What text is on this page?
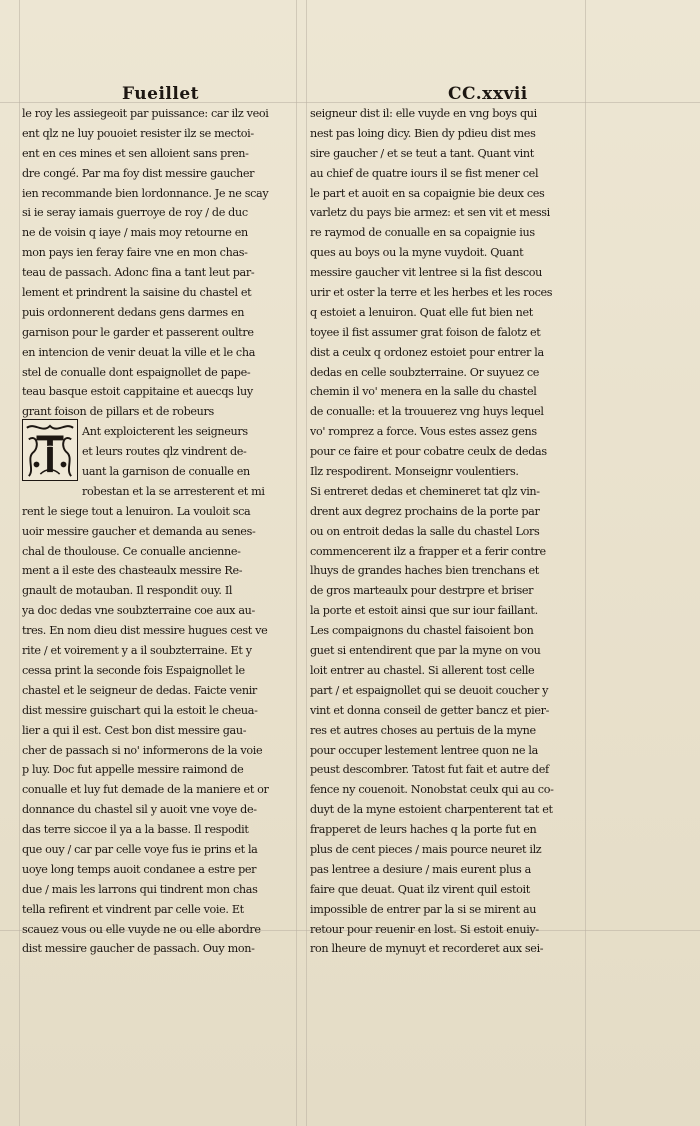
Fueillet	CC.xxvii
le roy les assiegeoit par puissance: car ilz veoi
ent qlz ne luy pouoiet resister ilz se mectoi-
ent en ces mines et sen alloient sans pren-
dre congé. Par ma foy dist messire gaucher
ien recommande bien lordonnance. Je ne scay
si ie seray iamais guerroye de roy / de duc
ne de voisin q iaye / mais moy retourne en
mon pays ien feray faire vne en mon chas-
teau de passach. Adonc fina a tant leut par-
lement et prindrent la saisine du chastel et
puis ordonnerent dedans gens darmes en
garnison pour le garder et passerent oultre
en intencion de venir deuat la ville et le cha
stel de conualle dont espaignollet de pape-
teau basque estoit cappitaine et auecqs luy
grant foison de pillars et de robeurs
Ant exploicterent les seigneurs
et leurs routes qlz vindrent de-
uant la garnison de conualle en
robestan et la se arresterent et mi
rent le siege tout a lenuiron. La vouloit sca
uoir messire gaucher et demanda au senes-
chal de thoulouse. Ce conualle ancienne-
ment a il este des chasteaulx messire Re-
gnault de motauban. Il respondit ouy. Il
ya doc dedas vne soubzterraine coe aux au-
tres. En nom dieu dist messire hugues cest ve
rite / et voirement y a il soubzterraine. Et y
cessa print la seconde fois Espaignollet le
chastel et le seigneur de dedas. Faicte venir
dist messire guischart qui la estoit le cheua-
lier a qui il est. Cest bon dist messire gau-
cher de passach si no' informerons de la voie
p luy. Doc fut appelle messire raimond de
conualle et luy fut demade de la maniere et or
donnance du chastel sil y auoit vne voye de-
das terre siccoe il ya a la basse. Il respodit
que ouy / car par celle voye fus ie prins et la
uoye long temps auoit condanee a estre per
due / mais les larrons qui tindrent mon chas
tella refirent et vindrent par celle voie. Et
scauez vous ou elle vuyde ne ou elle abordre
dist messire gaucher de passach. Ouy mon-
seigneur dist il: elle vuyde en vng boys qui
nest pas loing dicy. Bien dy pdieu dist mes
sire gaucher / et se teut a tant. Quant vint
au chief de quatre iours il se fist mener cel
le part et auoit en sa copaignie bie deux ces
varletz du pays bie armez: et sen vit et messi
re raymod de conualle en sa copaignie ius
ques au boys ou la myne vuydoit. Quant
messire gaucher vit lentree si la fist descou
urir et oster la terre et les herbes et les roces
q estoiet a lenuiron. Quat elle fut bien net
toyee il fist assumer grat foison de falotz et
dist a ceulx q ordonez estoiet pour entrer la
dedas en celle soubzterraine. Or suyuez ce
chemin il vo' menera en la salle du chastel
de conualle: et la trouuerez vng huys lequel
vo' romprez a force. Vous estes assez gens
pour ce faire et pour cobatre ceulx de dedas
Ilz respodirent. Monseignr voulentiers.
Si entreret dedas et chemineret tat qlz vin-
drent aux degrez prochains de la porte par
ou on entroit dedas la salle du chastel Lors
commencerent ilz a frapper et a ferir contre
lhuys de grandes haches bien trenchans et
de gros marteaulx pour destrpre et briser
la porte et estoit ainsi que sur iour faillant.
Les compaignons du chastel faisoient bon
guet si entendirent que par la myne on vou
loit entrer au chastel. Si allerent tost celle
part / et espaignollet qui se deuoit coucher y
vint et donna conseil de getter bancz et pier-
res et autres choses au pertuis de la myne
pour occuper lestement lentree quon ne la
peust descombrer. Tatost fut fait et autre def
fence ny couenoit. Nonobstat ceulx qui au co-
duyt de la myne estoient charpenterent tat et
frapperet de leurs haches q la porte fut en
plus de cent pieces / mais pource neuret ilz
pas lentree a desiure / mais eurent plus a
faire que deuat. Quat ilz virent quil estoit
impossible de entrer par la si se mirent au
retour pour reuenir en lost. Si estoit enuiy-
ron lheure de mynuyt et recorderet aux sei-
